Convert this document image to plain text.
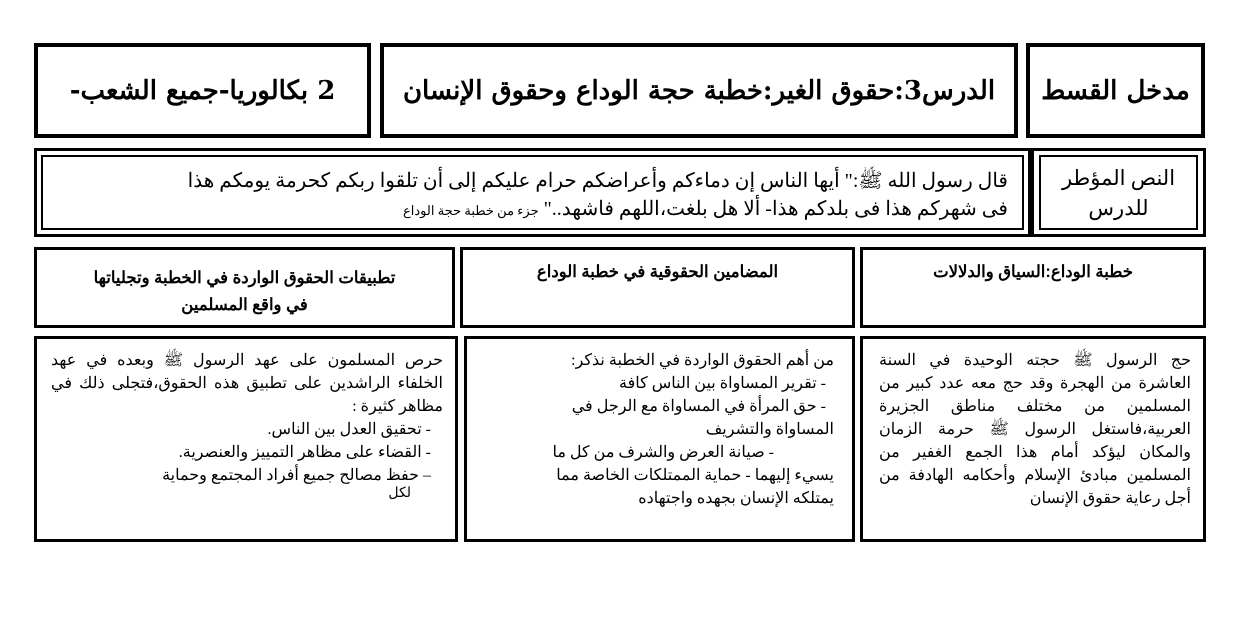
مدخل القسط
الدرس3:حقوق الغير:خطبة حجة الوداع وحقوق الإنسان
2 بكالوريا-جميع الشعب-
النص المؤطر
للدرس
قال رسول الله ﷺ:" أيها الناس إن دماءكم وأعراضكم حرام عليكم إلى أن تلقوا ربكم كحرمة يومكم هذا
فى شهركم هذا فى بلدكم هذا- ألا هل بلغت،اللهم فاشهد.." جزء من خطبة حجة الوداع
خطبة الوداع:السياق والدلالات
المضامين الحقوقية في خطبة الوداع
تطبيقات الحقوق الواردة في الخطبة وتجلياتها
في واقع المسلمين

حج الرسول ﷺ حجته الوحيدة في السنة العاشرة من الهجرة وقد حج معه عدد كبير من المسلمين من مختلف مناطق الجزيرة العربية،فاستغل الرسول ﷺ حرمة الزمان والمكان ليؤكد أمام هذا الجمع الغفير من المسلمين مبادئ الإسلام وأحكامه الهادفة من أجل رعاية حقوق الإنسان

من أهم الحقوق الواردة في الخطبة نذكر:

- تقرير المساواة بين الناس كافة

- حق المرأة في المساواة مع الرجل في

المساواة والتشريف

- صيانة العرض والشرف من كل ما

يسيء إليهما - حماية الممتلكات الخاصة مما

يمتلكه الإنسان بجهده واجتهاده

حرص المسلمون على عهد الرسول ﷺ وبعده في عهد الخلفاء الراشدين على تطبيق هذه الحقوق،فتجلى ذلك في مظاهر كثيرة :

- تحقيق العدل بين الناس.

- القضاء على مظاهر التمييز والعنصرية.

– حفظ مصالح جميع أفراد المجتمع وحماية

لكل
